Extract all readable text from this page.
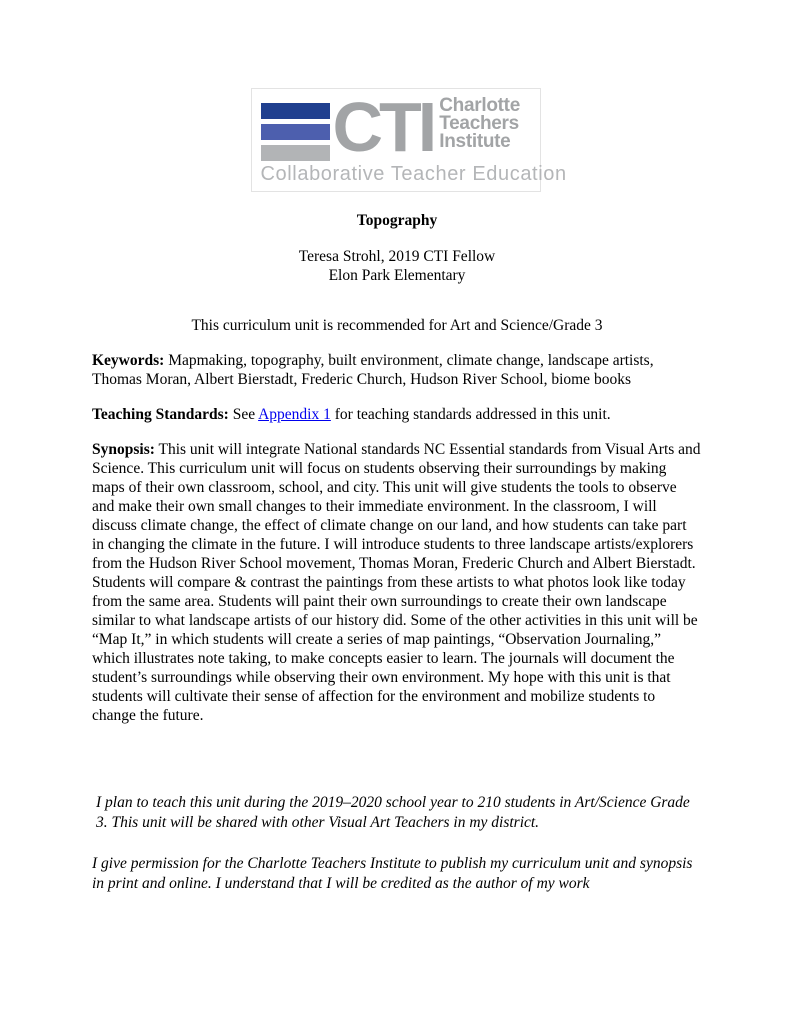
CTI Charlotte
Teachers
Institute
Collaborative Teacher Education
Topography
Teresa Strohl, 2019 CTI Fellow
Elon Park Elementary
This curriculum unit is recommended for Art and Science/Grade 3
Keywords: Mapmaking, topography, built environment, climate change, landscape artists, Thomas Moran, Albert Bierstadt, Frederic Church, Hudson River School, biome books
Teaching Standards: See Appendix 1 for teaching standards addressed in this unit.
Synopsis: This unit will integrate National standards NC Essential standards from Visual Arts and Science. This curriculum unit will focus on students observing their surroundings by making maps of their own classroom, school, and city. This unit will give students the tools to observe and make their own small changes to their immediate environment. In the classroom, I will discuss climate change, the effect of climate change on our land, and how students can take part in changing the climate in the future. I will introduce students to three landscape artists/explorers from the Hudson River School movement, Thomas Moran, Frederic Church and Albert Bierstadt. Students will compare & contrast the paintings from these artists to what photos look like today from the same area. Students will paint their own surroundings to create their own landscape similar to what landscape artists of our history did. Some of the other activities in this unit will be “Map It,” in which students will create a series of map paintings, “Observation Journaling,” which illustrates note taking, to make concepts easier to learn. The journals will document the student’s surroundings while observing their own environment. My hope with this unit is that students will cultivate their sense of affection for the environment and mobilize students to change the future.

I plan to teach this unit during the 2019–2020 school year to 210 students in Art/Science Grade 3. This unit will be shared with other Visual Art Teachers in my district.

I give permission for the Charlotte Teachers Institute to publish my curriculum unit and synopsis in print and online. I understand that I will be credited as the author of my work
